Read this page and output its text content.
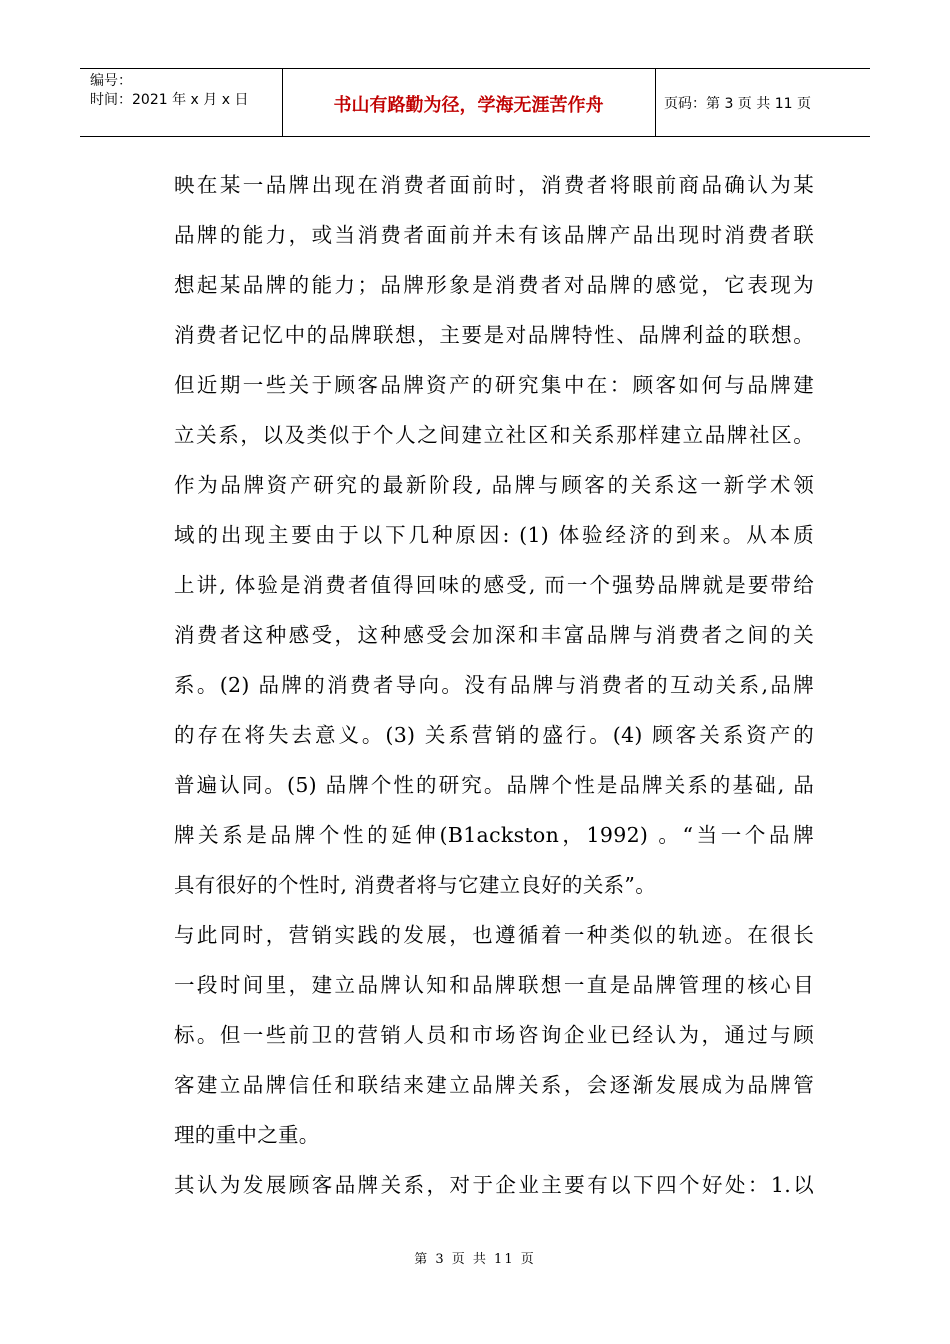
编号：
时间：2021 年 x 月 x 日	书山有路勤为径，学海无涯苦作舟	页码：第 3 页 共 11 页
映在某一品牌出现在消费者面前时，消费者将眼前商品确认为某
品牌的能力，或当消费者面前并未有该品牌产品出现时消费者联
想起某品牌的能力；品牌形象是消费者对品牌的感觉，它表现为
消费者记忆中的品牌联想，主要是对品牌特性、品牌利益的联想。
但近期一些关于顾客品牌资产的研究集中在：顾客如何与品牌建
立关系，以及类似于个人之间建立社区和关系那样建立品牌社区。
作为品牌资产研究的最新阶段, 品牌与顾客的关系这一新学术领
域的出现主要由于以下几种原因: (1) 体验经济的到来。从本质
上讲, 体验是消费者值得回味的感受, 而一个强势品牌就是要带给
消费者这种感受，这种感受会加深和丰富品牌与消费者之间的关
系。(2) 品牌的消费者导向。没有品牌与消费者的互动关系,品牌
的存在将失去意义。(3) 关系营销的盛行。(4) 顾客关系资产的
普遍认同。(5) 品牌个性的研究。品牌个性是品牌关系的基础, 品
牌关系是品牌个性的延伸(B1ackston，1992) 。“当一个品牌
具有很好的个性时, 消费者将与它建立良好的关系”。
与此同时，营销实践的发展，也遵循着一种类似的轨迹。在很长
一段时间里，建立品牌认知和品牌联想一直是品牌管理的核心目
标。但一些前卫的营销人员和市场咨询企业已经认为，通过与顾
客建立品牌信任和联结来建立品牌关系，会逐渐发展成为品牌管
理的重中之重。
其认为发展顾客品牌关系，对于企业主要有以下四个好处：1.以
第 3 页 共 11 页
